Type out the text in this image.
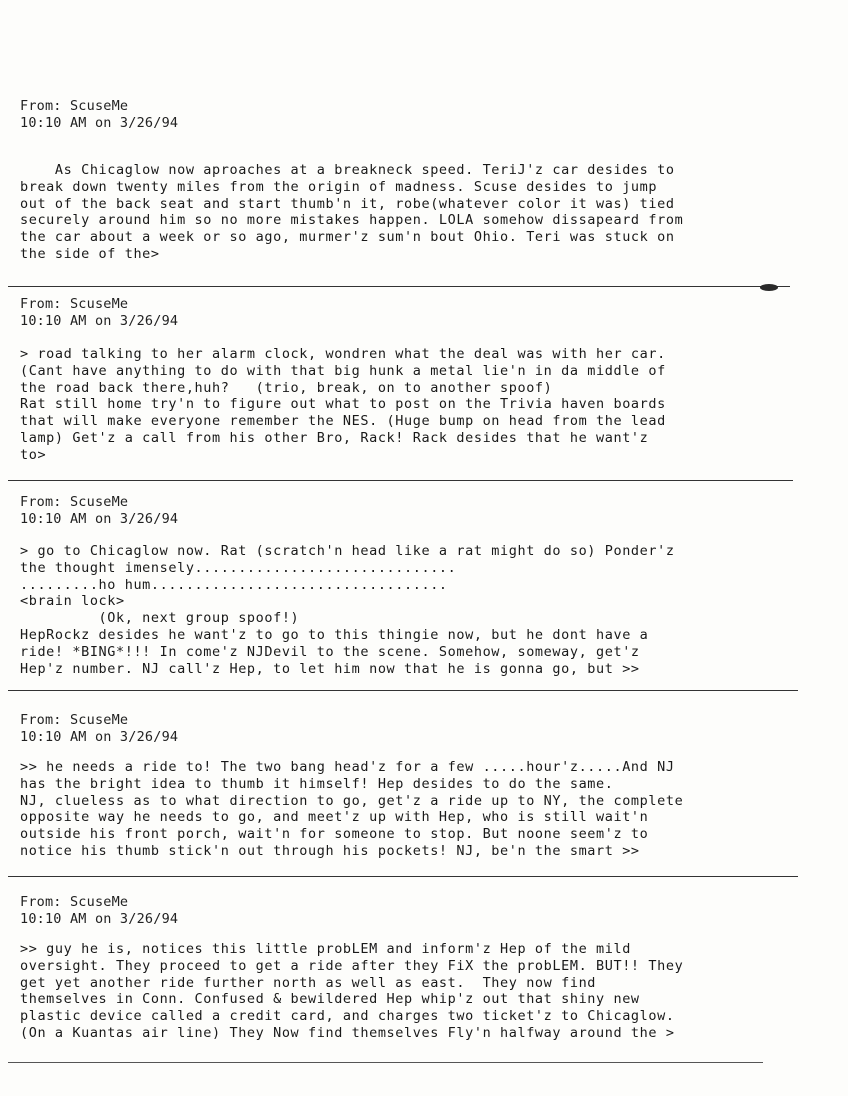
From: ScuseMe
10:10 AM on 3/26/94
As Chicaglow now aproaches at a breakneck speed. TeriJ'z car desides to
break down twenty miles from the origin of madness. Scuse desides to jump
out of the back seat and start thumb'n it, robe(whatever color it was) tied
securely around him so no more mistakes happen. LOLA somehow dissapeard from
the car about a week or so ago, murmer'z sum'n bout Ohio. Teri was stuck on
the side of the>
From: ScuseMe
10:10 AM on 3/26/94
> road talking to her alarm clock, wondren what the deal was with her car.
(Cant have anything to do with that big hunk a metal lie'n in da middle of
the road back there,huh?   (trio, break, on to another spoof)
Rat still home try'n to figure out what to post on the Trivia haven boards
that will make everyone remember the NES. (Huge bump on head from the lead
lamp) Get'z a call from his other Bro, Rack! Rack desides that he want'z
to>
From: ScuseMe
10:10 AM on 3/26/94
> go to Chicaglow now. Rat (scratch'n head like a rat might do so) Ponder'z
the thought imensely..............................
.........ho hum..................................
<brain lock>
(Ok, next group spoof!)
HepRockz desides he want'z to go to this thingie now, but he dont have a
ride! *BING*!!! In come'z NJDevil to the scene. Somehow, someway, get'z
Hep'z number. NJ call'z Hep, to let him now that he is gonna go, but >>
From: ScuseMe
10:10 AM on 3/26/94
>> he needs a ride to! The two bang head'z for a few .....hour'z.....And NJ
has the bright idea to thumb it himself! Hep desides to do the same.
NJ, clueless as to what direction to go, get'z a ride up to NY, the complete
opposite way he needs to go, and meet'z up with Hep, who is still wait'n
outside his front porch, wait'n for someone to stop. But noone seem'z to
notice his thumb stick'n out through his pockets! NJ, be'n the smart >>
From: ScuseMe
10:10 AM on 3/26/94
>> guy he is, notices this little probLEM and inform'z Hep of the mild
oversight. They proceed to get a ride after they FiX the probLEM. BUT!! They
get yet another ride further north as well as east.  They now find
themselves in Conn. Confused & bewildered Hep whip'z out that shiny new
plastic device called a credit card, and charges two ticket'z to Chicaglow.
(On a Kuantas air line) They Now find themselves Fly'n halfway around the >
